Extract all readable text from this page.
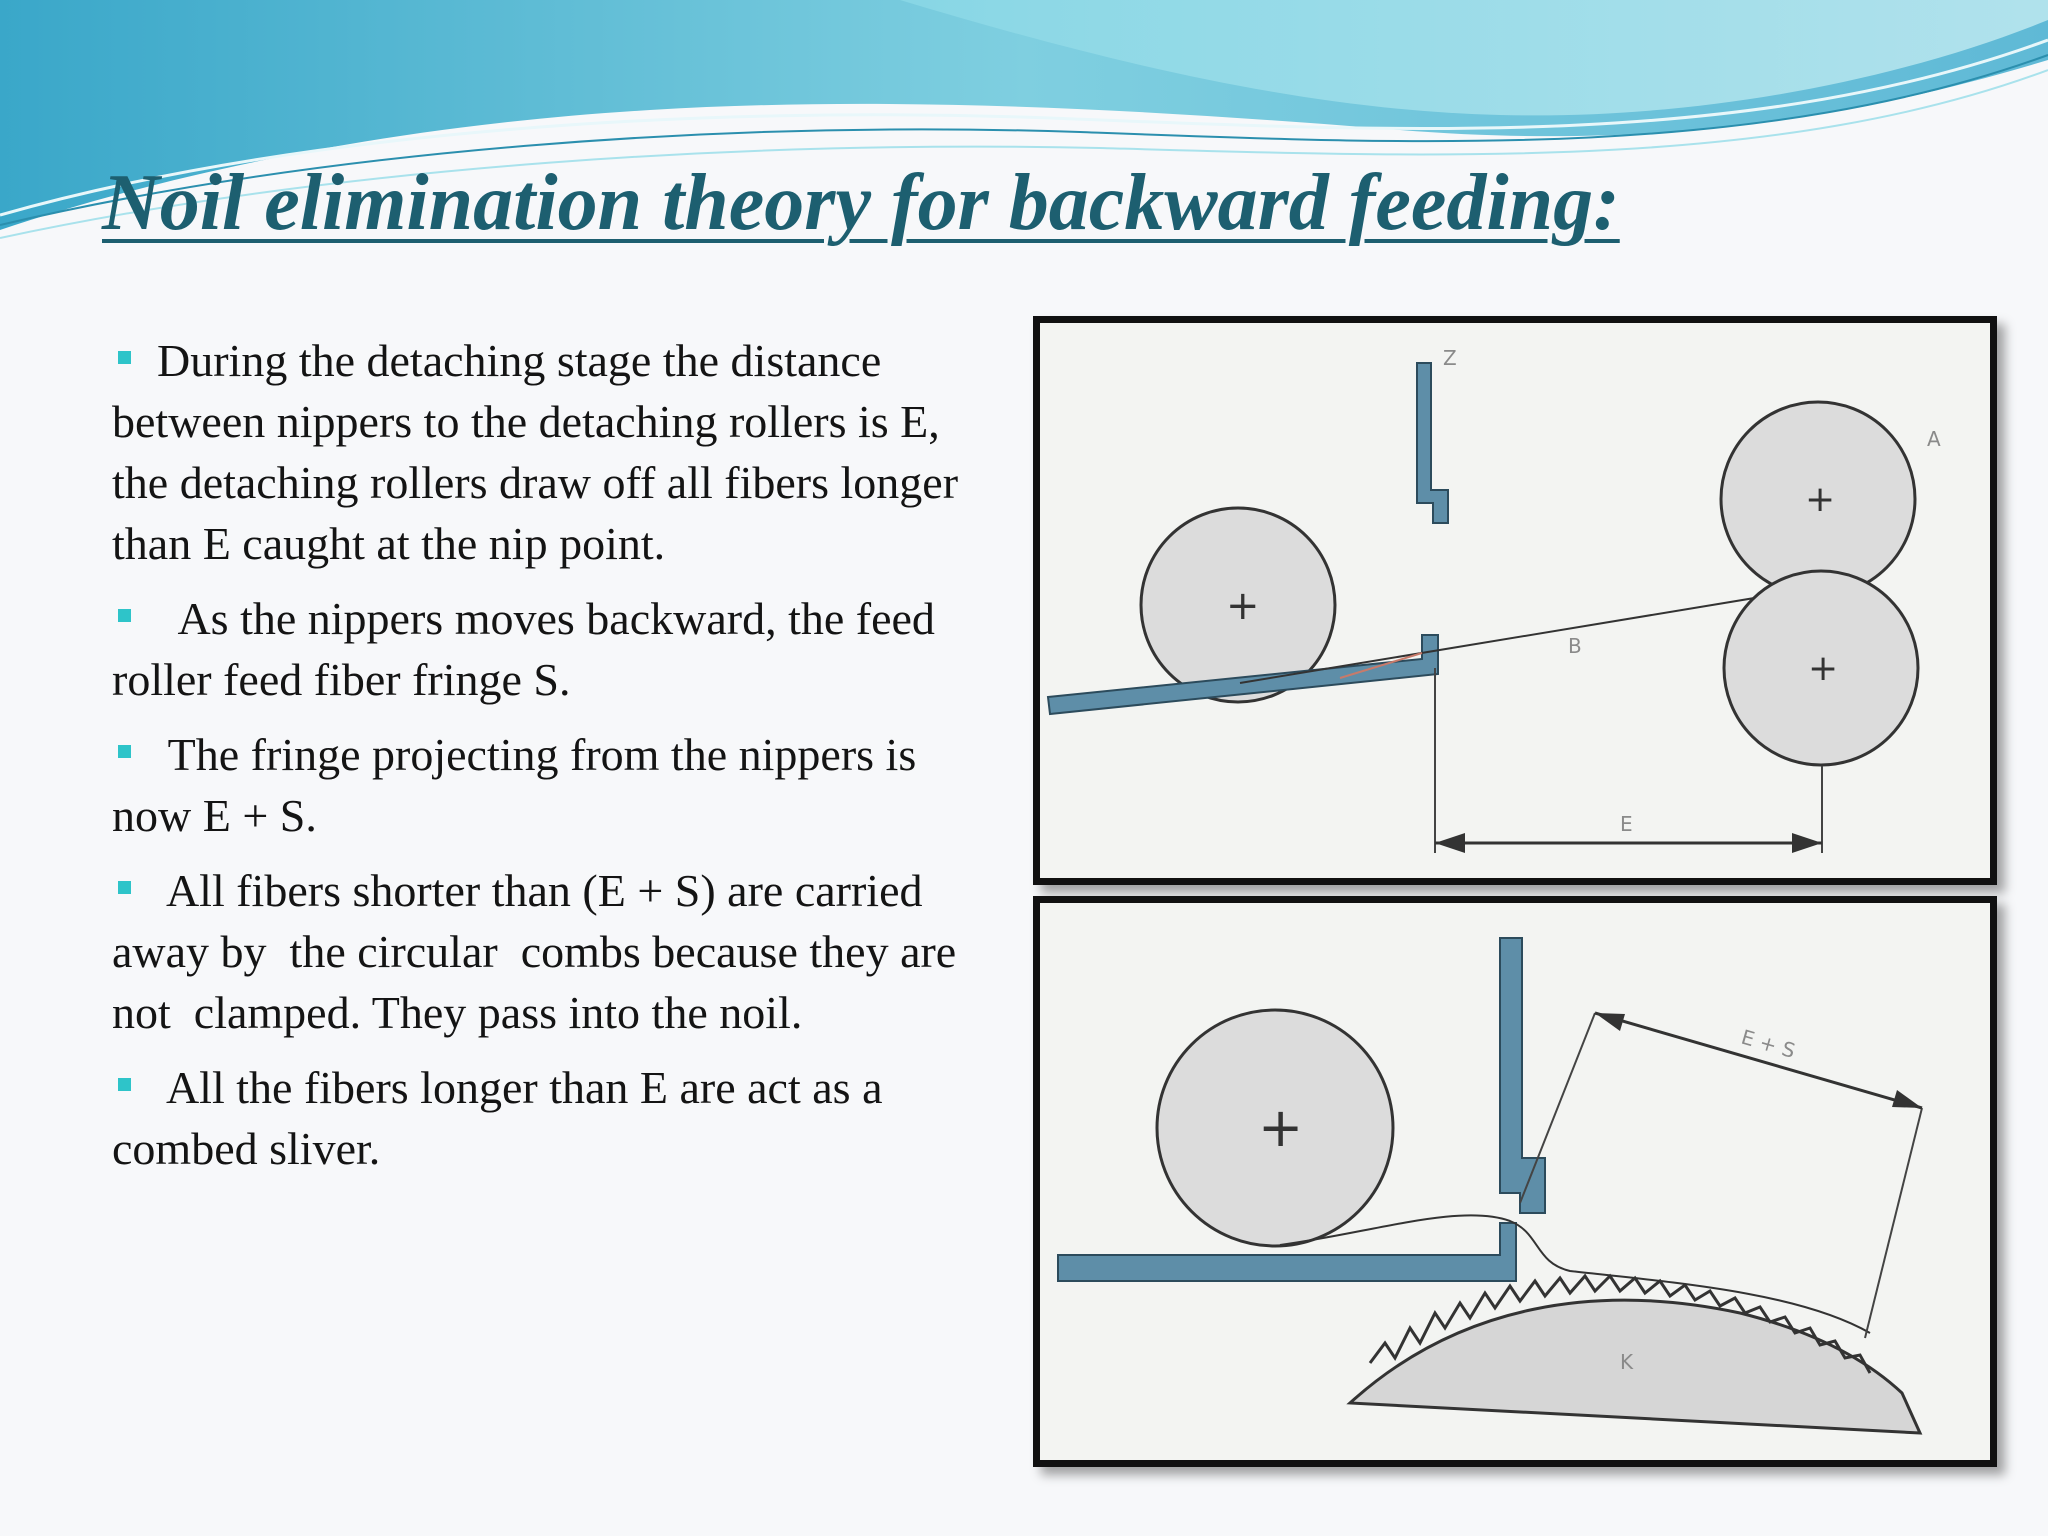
Noil elimination theory for backward feeding:
During the detaching stage the distance between nippers to the detaching rollers is E, the detaching rollers draw off all fibers longer than E caught at the nip point.
As the nippers moves backward, the feed roller feed fiber fringe S.
The fringe projecting from the nippers is now E + S.
All fibers shorter than (E + S) are carried away by  the circular  combs because they are  not  clamped. They pass into the noil.
All the fibers longer than E are act as a combed sliver.
Z
+
B
+
+
A
E
K
+
E + S
